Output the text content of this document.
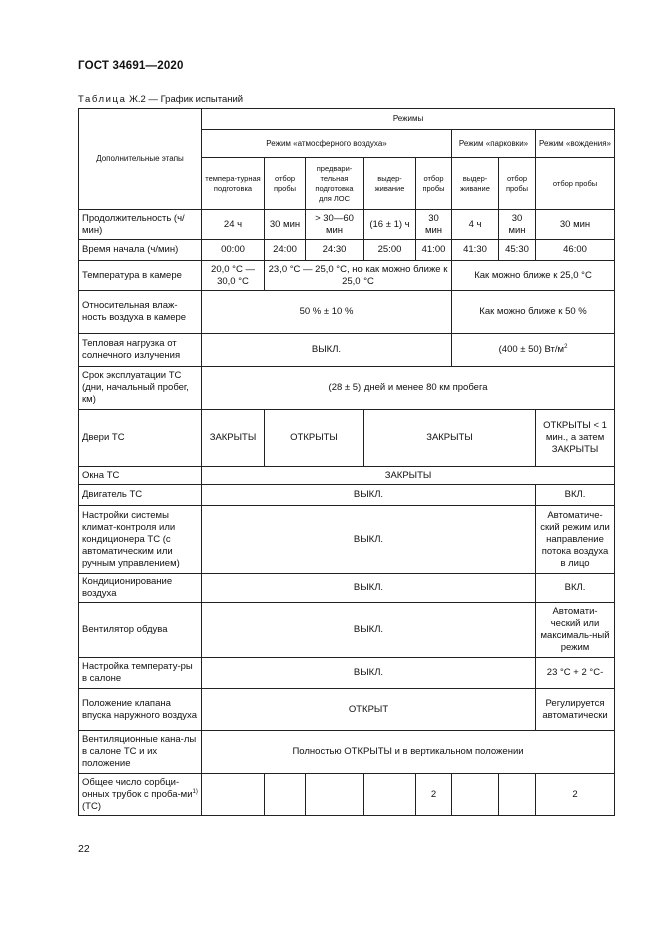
ГОСТ 34691—2020
Таблица Ж.2 — График испытаний
Дополнительные этапы	Режимы							
	Режим «атмосферного воздуха»					Режим «парковки»		Режим «вождения»
	темпера-турная подготовка	отбор пробы	предвари-тельная подготовка для ЛОС	выдер-живание	отбор пробы	выдер-живание	отбор пробы	отбор пробы
Продолжительность (ч/мин)	24 ч	30 мин	> 30—60 мин	(16 ± 1) ч	30 мин	4 ч	30 мин	30 мин
Время начала (ч/мин)	00:00	24:00	24:30	25:00	41:00	41:30	45:30	46:00
Температура в камере	20,0 °С — 30,0 °С	23,0 °С — 25,0 °С, но как можно ближе к 25,0 °С				Как можно ближе к 25,0 °С		
Относительная влаж-ность воздуха в камере	50 % ± 10 %					Как можно ближе к 50 %		
Тепловая нагрузка от солнечного излучения	ВЫКЛ.					(400 ± 50) $Вт/м^2$
Срок эксплуатации ТС (дни, начальный пробег, км)	(28 ± 5) дней и менее 80 км пробега							
Двери ТС	ЗАКРЫТЫ	ОТКРЫТЫ		ЗАКРЫТЫ				ОТКРЫТЫ < 1 мин., а затем ЗАКРЫТЫ
Окна ТС	ЗАКРЫТЫ							
Двигатель ТС	ВЫКЛ.							ВКЛ.
Настройки системы климат-контроля или кондиционера ТС (с автоматическим или ручным управлением)	ВЫКЛ.							Автоматиче-ский режим или направление потока воздуха в лицо
Кондиционирование воздуха	ВЫКЛ.							ВКЛ.
Вентилятор обдува	ВЫКЛ.							Автомати-ческий или максималь-ный режим
Настройка температу-ры в салоне	ВЫКЛ.							23 °С + 2 °С-
Положение клапана впуска наружного воздуха	ОТКРЫТ							Регулируется автоматически
Вентиляционные кана-лы в салоне ТС и их положение	Полностью ОТКРЫТЫ и в вертикальном положении							
Общее число сорбци-онных трубок с проба-$ми^{1)}$ (ТС)					2			2
22
